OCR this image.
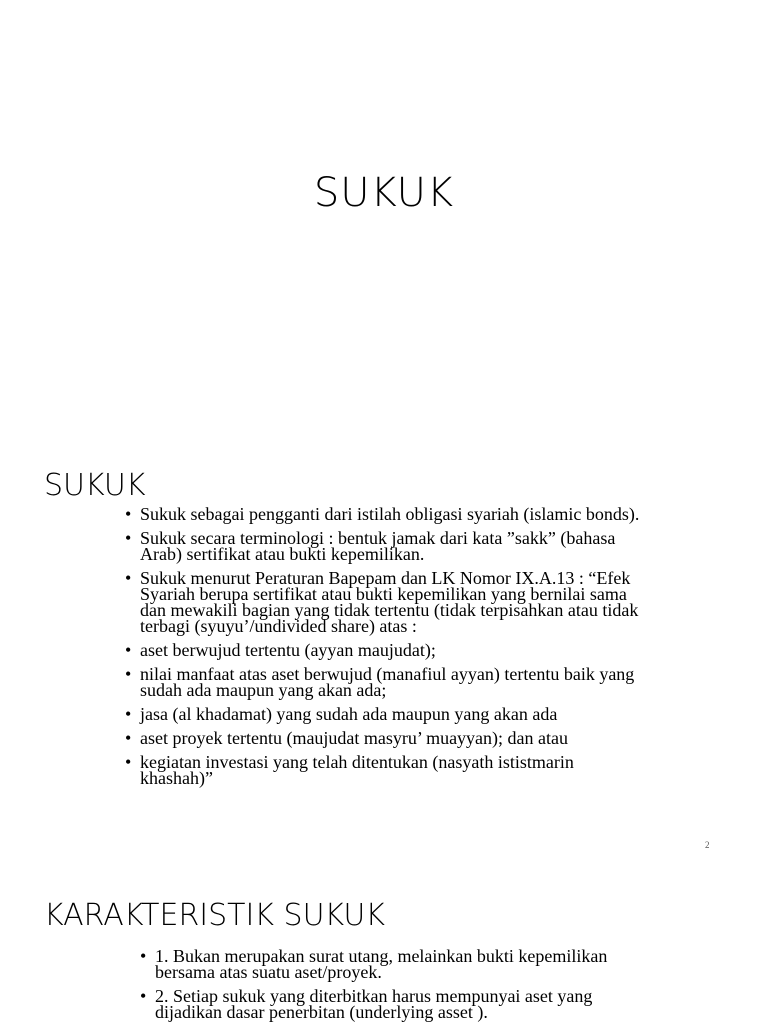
SUKUK
SUKUK
• Sukuk sebagai pengganti dari istilah obligasi syariah (islamic bonds).
• Sukuk secara terminologi : bentuk jamak dari kata ”sakk” (bahasa Arab) sertifikat atau bukti kepemilikan.
• Sukuk menurut Peraturan Bapepam dan LK Nomor IX.A.13 : “Efek Syariah berupa sertifikat atau bukti kepemilikan yang bernilai sama dan mewakili bagian yang tidak tertentu (tidak terpisahkan atau tidak terbagi (syuyu’/undivided share) atas :
• aset berwujud tertentu (ayyan maujudat);
• nilai manfaat atas aset berwujud (manafiul ayyan) tertentu baik yang sudah ada maupun yang akan ada;
• jasa (al khadamat) yang sudah ada maupun yang akan ada
• aset proyek tertentu (maujudat masyru’ muayyan); dan atau
• kegiatan investasi yang telah ditentukan (nasyath ististmarin khashah)”
2
KARAKTERISTIK SUKUK
• 1. Bukan merupakan surat utang, melainkan bukti kepemilikan bersama atas suatu aset/proyek.
• 2. Setiap sukuk yang diterbitkan harus mempunyai aset yang dijadikan dasar penerbitan (underlying asset ).
